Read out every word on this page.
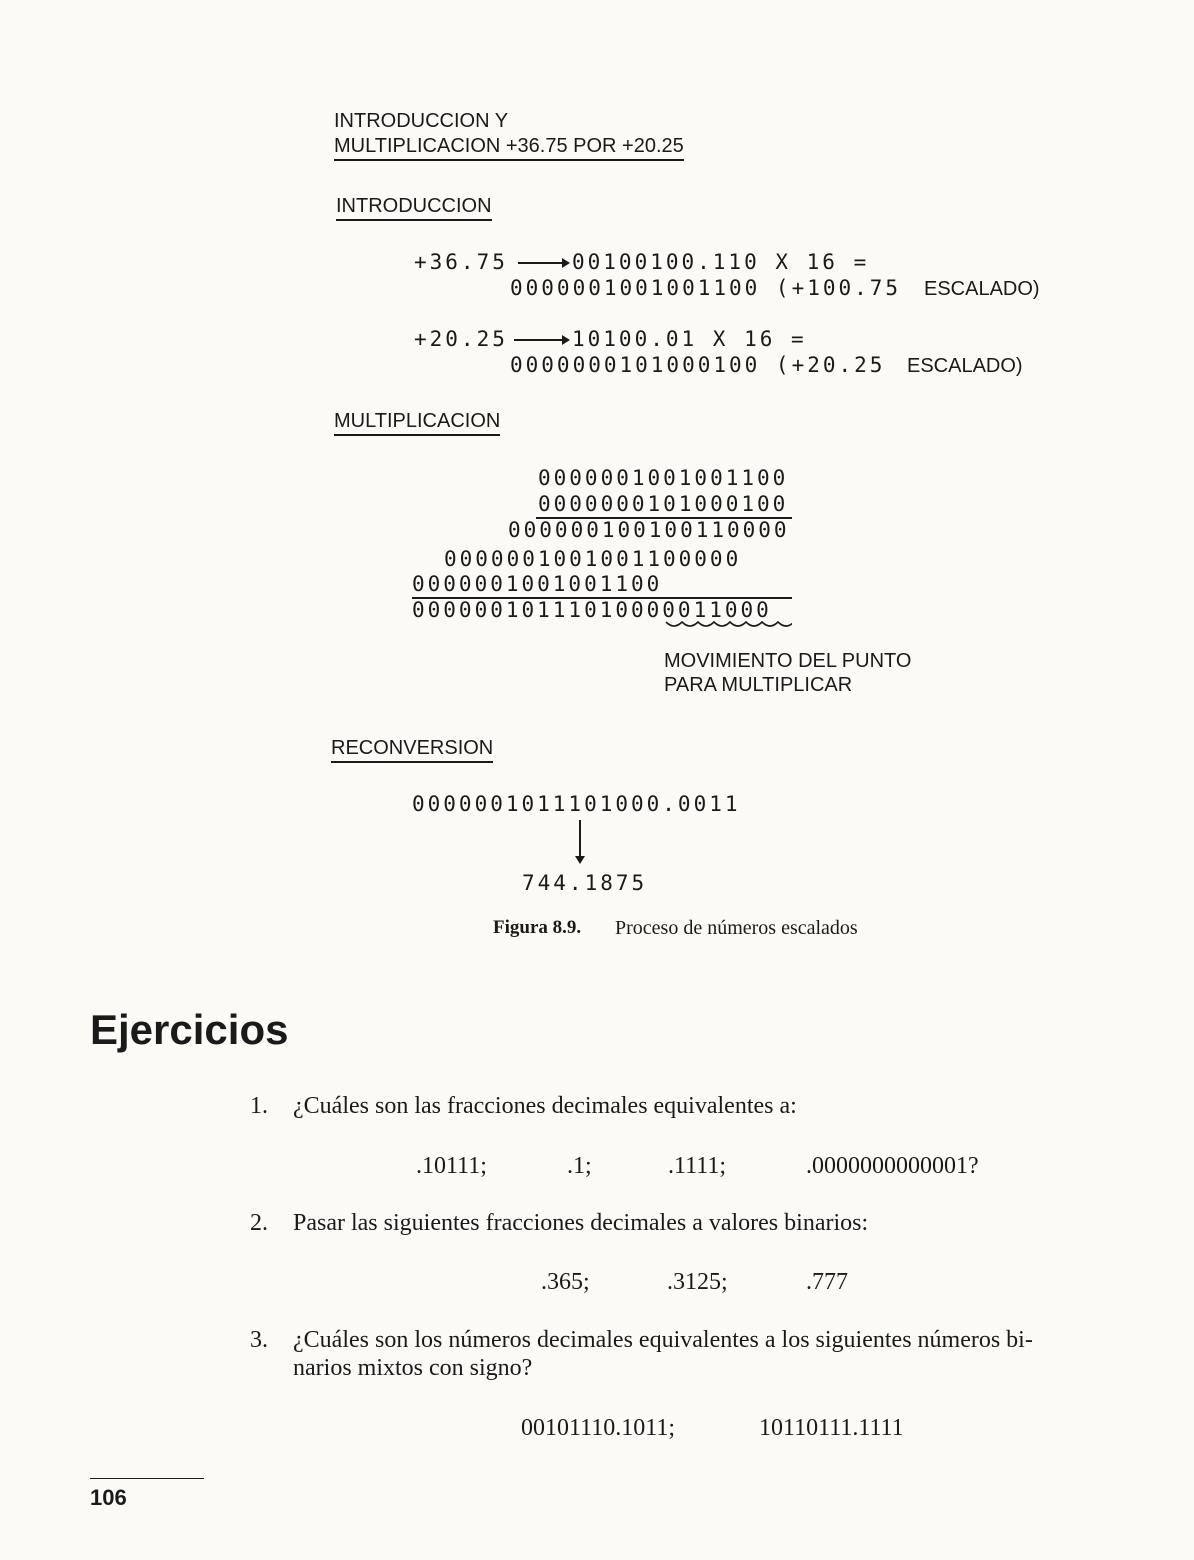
INTRODUCCION Y
MULTIPLICACION +36.75 POR +20.25
INTRODUCCION
+36.75	00100100.110 X 16 =
0000001001001100 (+100.75 ESCALADO)
+20.25	10100.01 X 16 =
0000000101000100 (+20.25 ESCALADO)
MULTIPLICACION
0000001001001100
0000000101000100
000000100100110000
0000001001001100000
0000001001001100
00000010111010000011000
MOVIMIENTO DEL PUNTO
PARA MULTIPLICAR
RECONVERSION
0000001011101000.0011
744.1875
Figura 8.9. Proceso de números escalados
Ejercicios
1. ¿Cuáles son las fracciones decimales equivalentes a:
.10111;	.1;	.1111;	.0000000000001?
2. Pasar las siguientes fracciones decimales a valores binarios:
.365;	.3125;	.777
3. ¿Cuáles son los números decimales equivalentes a los siguientes números bi-
narios mixtos con signo?
00101110.1011;	10110111.1111
106
